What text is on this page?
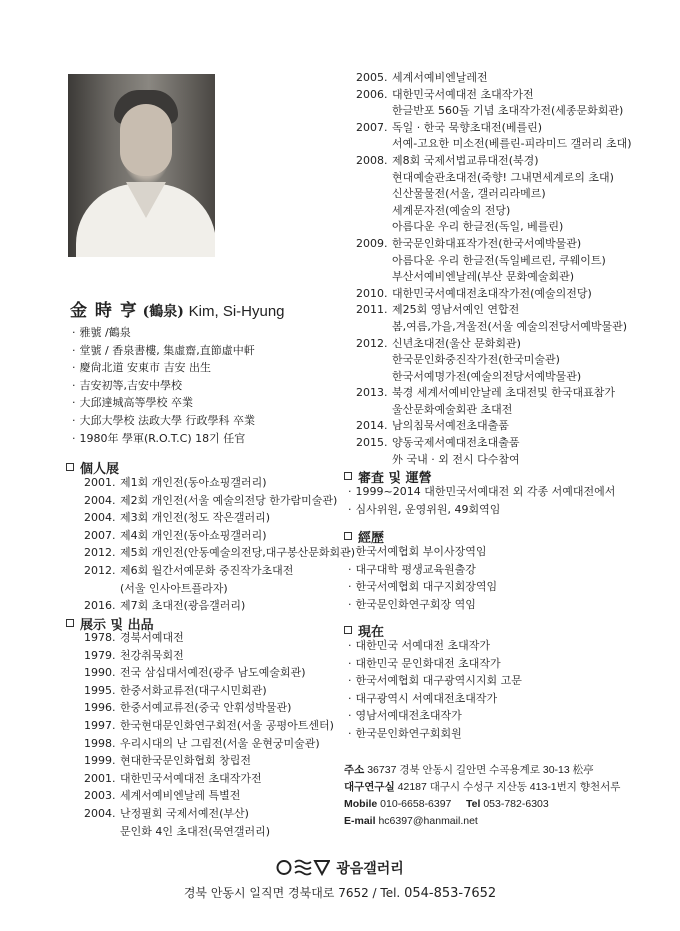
金 時 亨 (鶴泉) Kim, Si-Hyung
· 雅號 /鶴泉
· 堂號 / 香泉書樓, 集虛齋,直節虛中軒
· 慶尙北道 安東市 吉安 出生
· 吉安初等,吉安中學校
· 大邱達城高等學校 卒業
· 大邱大學校 法政大學 行政學科 卒業
· 1980年 學軍(R.O.T.C) 18기 任官
個人展
2001. 제1회 개인전(동아쇼핑갤러리)
2004. 제2회 개인전(서울 예술의전당 한가람미술관)
2004. 제3회 개인전(청도 작은갤러리)
2007. 제4회 개인전(동아쇼핑갤러리)
2012. 제5회 개인전(안동예술의전당,대구봉산문화회관)
2012. 제6회 월간서예문화 중진작가초대전
(서울 인사아트플라자)
2016. 제7회 초대전(광음갤러리)
展示 및 出品
1978. 경북서예대전
1979. 천강취묵회전
1990. 전국 삼십대서예전(광주 남도예술회관)
1995. 한중서화교류전(대구시민회관)
1996. 한중서예교류전(중국 안휘성박물관)
1997. 한국현대문인화연구회전(서울 공평아트센터)
1998. 우리시대의 난 그림전(서울 운현궁미술관)
1999. 현대한국문인화협회 창립전
2001. 대한민국서예대전 초대작가전
2003. 세계서예비엔날레 특별전
2004. 난정필회 국제서예전(부산)
문인화 4인 초대전(묵연갤러리)
2005. 세계서예비엔날레전
2006. 대한민국서예대전 초대작가전
한글반포 560돌 기념 초대작가전(세종문화회관)
2007. 독일 · 한국 묵향초대전(베를린)
서예-고요한 미소전(베를린-피라미드 갤러리 초대)
2008. 제8회 국제서법교류대전(북경)
현대예술관초대전(죽향! 그내면세계로의 초대)
신산물물전(서울, 갤러리라메르)
세계문자전(예술의 전당)
아름다운 우리 한글전(독일, 베를린)
2009. 한국문인화대표작가전(한국서예박물관)
아름다운 우리 한글전(독일베르린, 쿠웨이트)
부산서예비엔날레(부산 문화예술회관)
2010. 대한민국서예대전초대작가전(예술의전당)
2011. 제25회 영남서예인 연합전
봄,여름,가을,겨울전(서울 예술의전당서예박물관)
2012. 신년초대전(울산 문화회관)
한국문인화중진작가전(한국미술관)
한국서예명가전(예술의전당서예박물관)
2013. 북경 세계서예비안날레 초대전및 한국대표참가
울산문화예술회관 초대전
2014. 남의침묵서예전초대출품
2015. 양동국제서예대전초대출품
外 국내 · 외 전시 다수참여
審査 및 運營
· 1999~2014 대한민국서예대전 외 각종 서예대전에서
· 심사위원, 운영위원, 49회역임
經歷
· 한국서예협회 부이사장역임
· 대구대학 평생교육원출강
· 한국서예협회 대구지회장역임
· 한국문인화연구회장 역임
現在
· 대한민국 서예대전 초대작가
· 대한민국 문인화대전 초대작가
· 한국서예협회 대구광역시지회 고문
· 대구광역시 서예대전초대작가
· 영남서예대전초대작가
· 한국문인화연구회회원
주소 36737 경북 안동시 길안면 수곡용계로 30-13 松亭
대구연구실 42187 대구시 수성구 지산동 413-1번지 향천서루
Mobile 010-6658-6397 Tel 053-782-6303
E-mail hc6397@hanmail.net
광음갤러리
경북 안동시 일직면 경북대로 7652 / Tel. 054-853-7652
